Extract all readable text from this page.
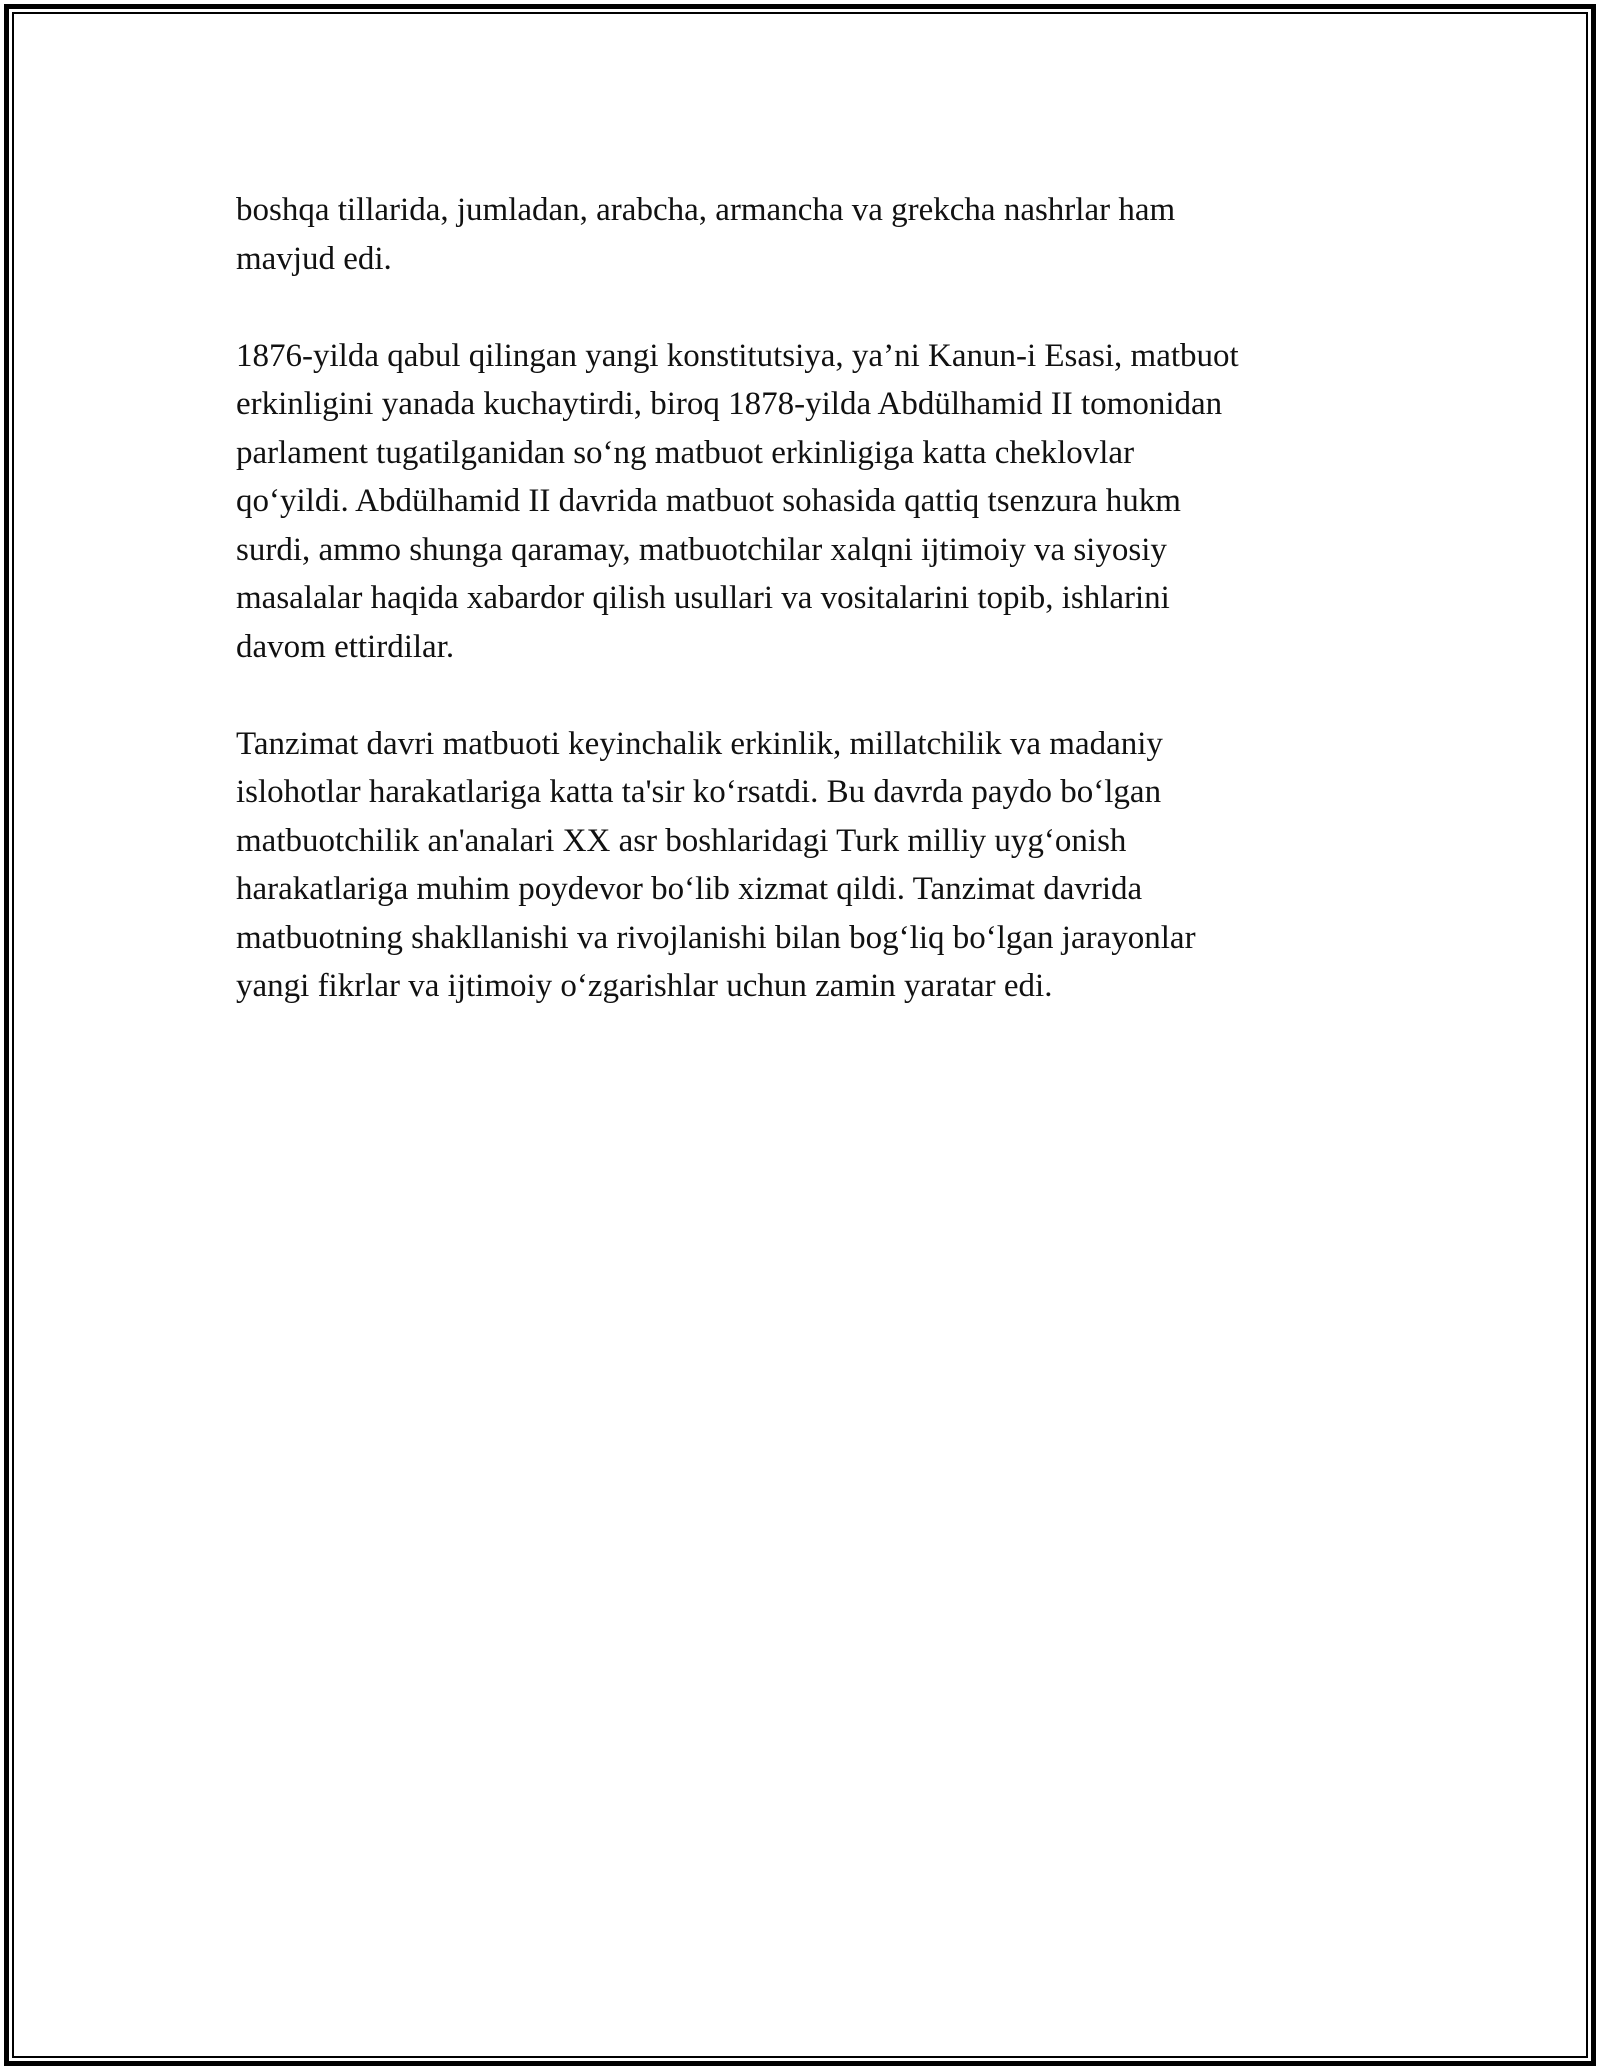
boshqa tillarida, jumladan, arabcha, armancha va grekcha nashrlar ham
mavjud edi.

1876-yilda qabul qilingan yangi konstitutsiya, ya’ni Kanun-i Esasi, matbuot
erkinligini yanada kuchaytirdi, biroq 1878-yilda Abdülhamid II tomonidan
parlament tugatilganidan so‘ng matbuot erkinligiga katta cheklovlar
qo‘yildi. Abdülhamid II davrida matbuot sohasida qattiq tsenzura hukm
surdi, ammo shunga qaramay, matbuotchilar xalqni ijtimoiy va siyosiy
masalalar haqida xabardor qilish usullari va vositalarini topib, ishlarini
davom ettirdilar.

Tanzimat davri matbuoti keyinchalik erkinlik, millatchilik va madaniy
islohotlar harakatlariga katta ta'sir ko‘rsatdi. Bu davrda paydo bo‘lgan
matbuotchilik an'analari XX asr boshlaridagi Turk milliy uyg‘onish
harakatlariga muhim poydevor bo‘lib xizmat qildi. Tanzimat davrida
matbuotning shakllanishi va rivojlanishi bilan bog‘liq bo‘lgan jarayonlar
yangi fikrlar va ijtimoiy o‘zgarishlar uchun zamin yaratar edi.
